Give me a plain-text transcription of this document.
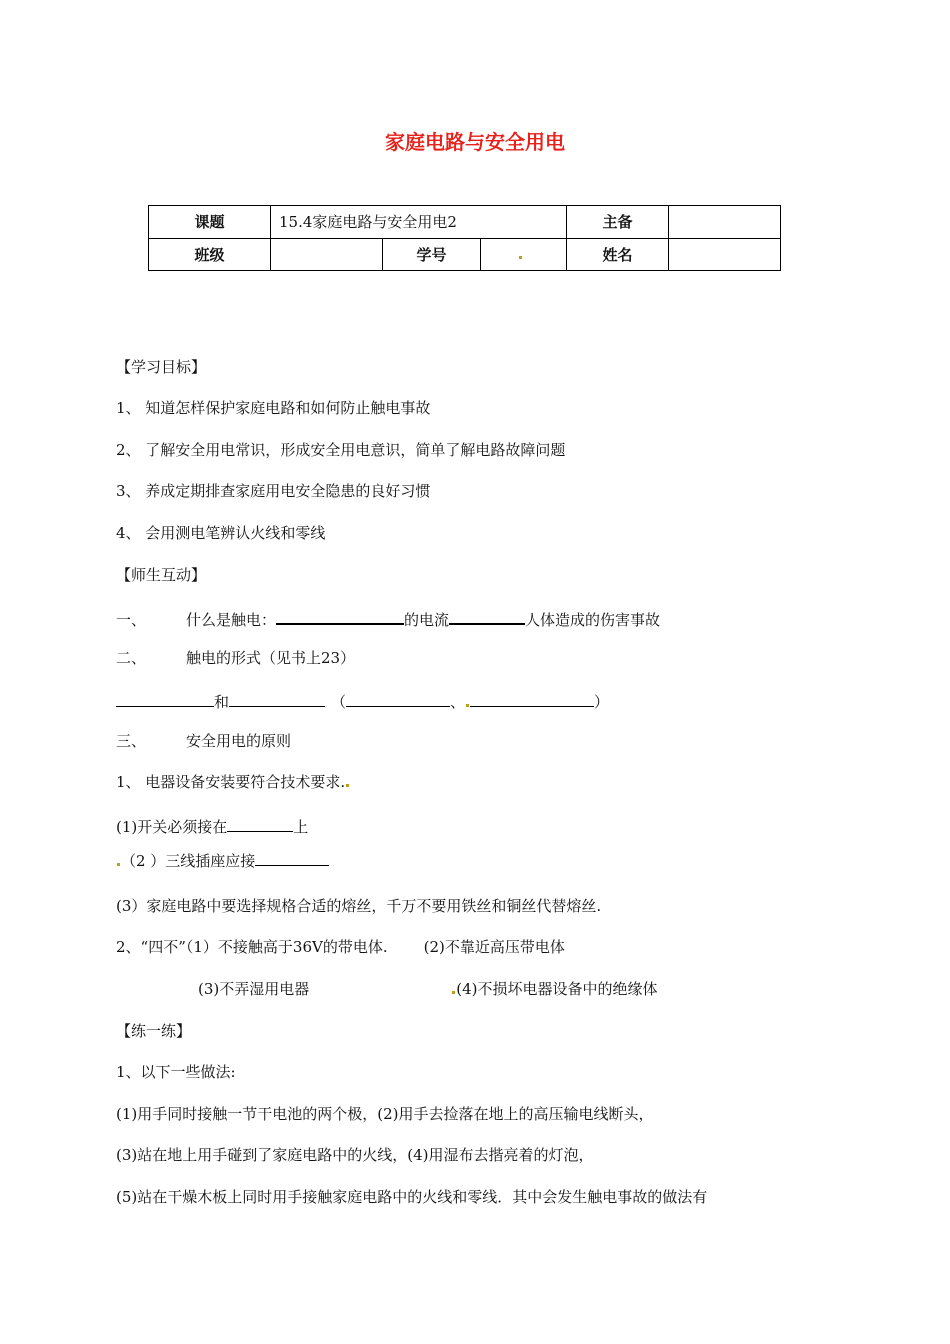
家庭电路与安全用电
课题	15.4家庭电路与安全用电2			主备	
班级		学号		姓名	
【学习目标】
1、 知道怎样保护家庭电路和如何防止触电事故
2、 了解安全用电常识，形成安全用电意识，简单了解电路故障问题
3、 养成定期排查家庭用电安全隐患的良好习惯
4、 会用测电笔辨认火线和零线
【师生互动】
一、	什么是触电：	的电流	人体造成的伤害事故
二、	触电的形式（见书上23）
和	（	、	）
三、	安全用电的原则
1、 电器设备安装要符合技术要求.
(1)开关必须接在	上
（2 ）三线插座应接
(3）家庭电路中要选择规格合适的熔丝，千万不要用铁丝和铜丝代替熔丝.
2、“四不”（1）不接触高于36V的带电体. (2)不靠近高压带电体
(3)不弄湿用电器	(4)不损坏电器设备中的绝缘体
【练一练】
1、以下一些做法:
(1)用手同时接触一节干电池的两个极，(2)用手去捡落在地上的高压输电线断头，
(3)站在地上用手碰到了家庭电路中的火线，(4)用湿布去揩亮着的灯泡，
(5)站在干燥木板上同时用手接触家庭电路中的火线和零线．其中会发生触电事故的做法有
